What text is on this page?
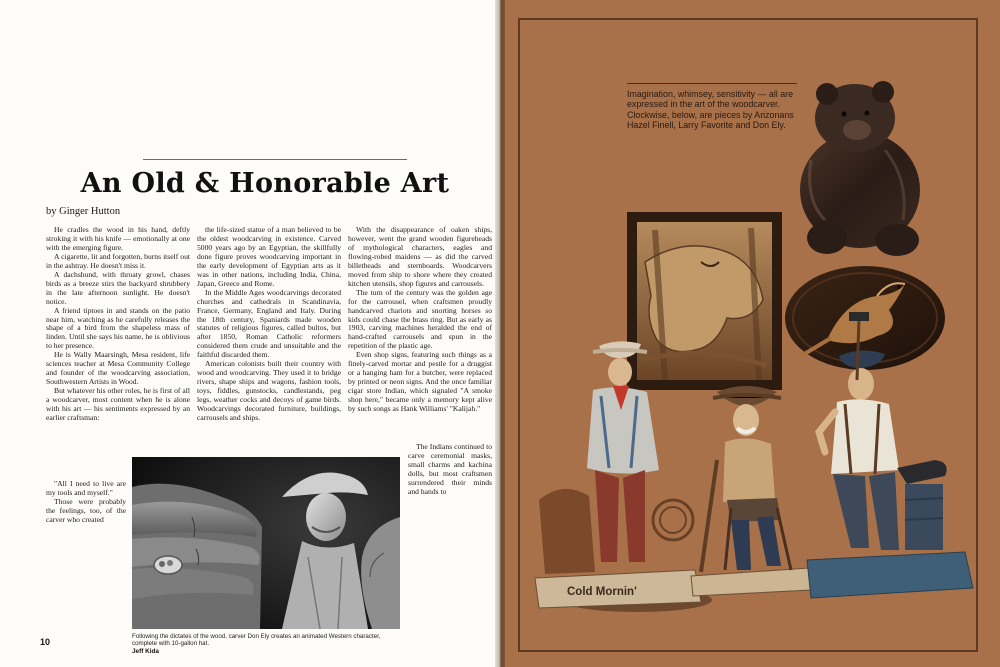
An Old & Honorable Art
by Ginger Hutton

He cradles the wood in his hand, deftly stroking it with his knife — emotionally at one with the emerging figure.

A cigarette, lit and forgotten, burns itself out in the ashtray. He doesn't miss it.

A dachshund, with throaty growl, chases birds as a breeze stirs the backyard shrubbery in the late afternoon sunlight. He doesn't notice.

A friend tiptoes in and stands on the patio near him, watching as he carefully releases the shape of a bird from the shapeless mass of linden. Until she says his name, he is oblivious to her presence.

He is Wally Maarsingh, Mesa resident, life sciences teacher at Mesa Community College and founder of the woodcarving association, Southwestern Artists in Wood.

But whatever his other roles, he is first of all a woodcarver, most content when he is alone with his art — his sentiments expressed by an earlier craftsman:

"All I need to live are my tools and myself."

Those were probably the feelings, too, of the carver who created

the life-sized statue of a man believed to be the oldest woodcarving in existence. Carved 5000 years ago by an Egyptian, the skillfully done figure proves woodcarving important in the early development of Egyptian arts as it was in other nations, including India, China, Japan, Greece and Rome.

In the Middle Ages woodcarvings decorated churches and cathedrals in Scandinavia, France, Germany, England and Italy. During the 18th century, Spaniards made wooden statutes of religious figures, called bultos, but after 1850, Roman Catholic reformers considered them crude and unsuitable and the faithful discarded them.

American colonists built their country with wood and woodcarving. They used it to bridge rivers, shape ships and wagons, fashion tools, toys, fiddles, gunstocks, candlestands, peg legs, weather cocks and decoys of game birds. Woodcarvings decorated furniture, buildings, carrousels and ships.

With the disappearance of oaken ships, however, went the grand wooden figureheads of mythological characters, eagles and flowing-robed maidens — as did the carved billetheads and sternboards. Woodcarvers moved from ship to shore where they created kitchen utensils, shop figures and carrousels.

The turn of the century was the golden age for the carrousel, when craftsmen proudly handcarved chariots and snorting horses so kids could chase the brass ring. But as early as 1903, carving machines heralded the end of hand-crafted carrousels and spun in the repetition of the plastic age.

Even shop signs, featuring such things as a finely-carved mortar and pestle for a druggist or a hanging ham for a butcher, were replaced by printed or neon signs. And the once familiar cigar store Indian, which signaled "A smoke shop here," became only a memory kept alive by such songs as Hank Williams' "Kalijah."

The Indians continued to carve ceremonial masks, small charms and kachina dolls, but most craftsmen surrendered their minds and hands to

Following the dictates of the wood, carver Don Ely creates an animated Western character, complete with 10-gallon hat.
Jeff Kida
10
Cold Mornin'

Imagination, whimsey, sensitivity — all are expressed in the art of the woodcarver. Clockwise, below, are pieces by Arizonans Hazel Finell, Larry Favorite and Don Ely.
